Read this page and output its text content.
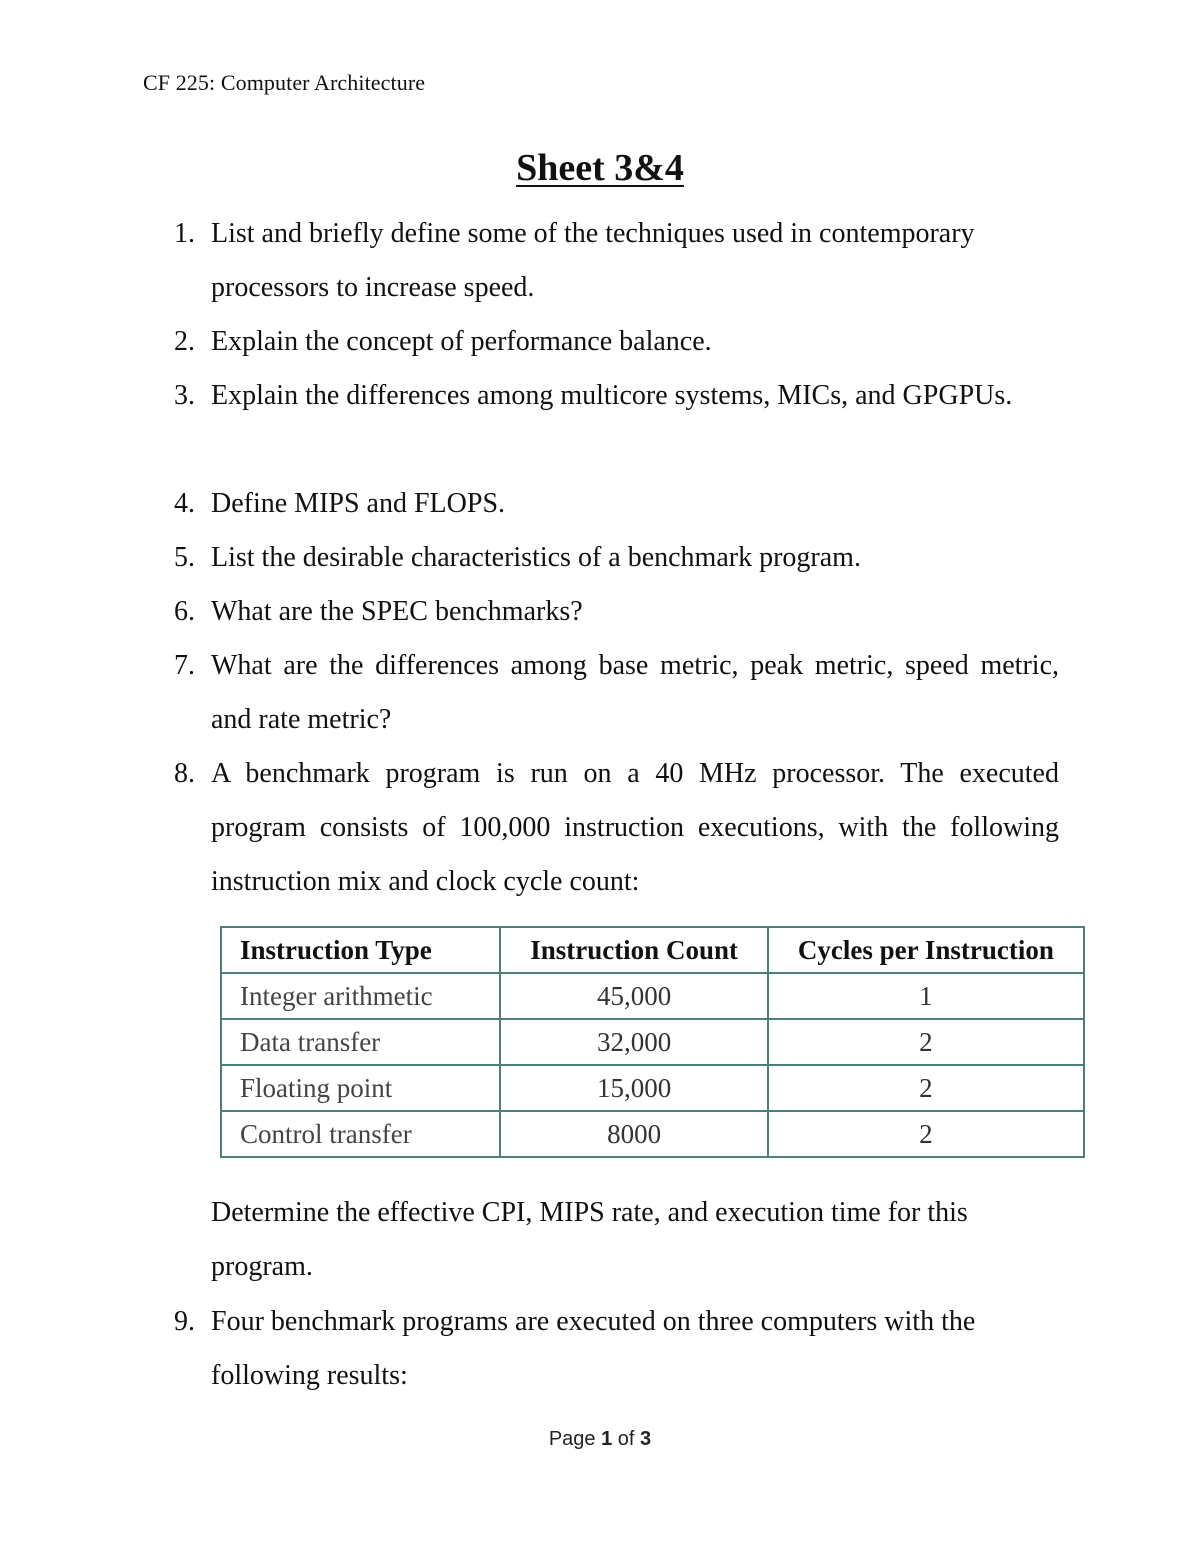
CF 225: Computer Architecture
Sheet 3&4
1. List and briefly define some of the techniques used in contemporary processors to increase speed.
2. Explain the concept of performance balance.
3. Explain the differences among multicore systems, MICs, and GPGPUs.
4. Define MIPS and FLOPS.
5. List the desirable characteristics of a benchmark program.
6. What are the SPEC benchmarks?
7. What are the differences among base metric, peak metric, speed metric, and rate metric?
8. A benchmark program is run on a 40 MHz processor. The executed program consists of 100,000 instruction executions, with the following instruction mix and clock cycle count:
Instruction Type	Instruction Count	Cycles per Instruction
Integer arithmetic	45,000	1
Data transfer	32,000	2
Floating point	15,000	2
Control transfer	8000	2
Determine the effective CPI, MIPS rate, and execution time for this program.
9. Four benchmark programs are executed on three computers with the following results:
Page 1 of 3
